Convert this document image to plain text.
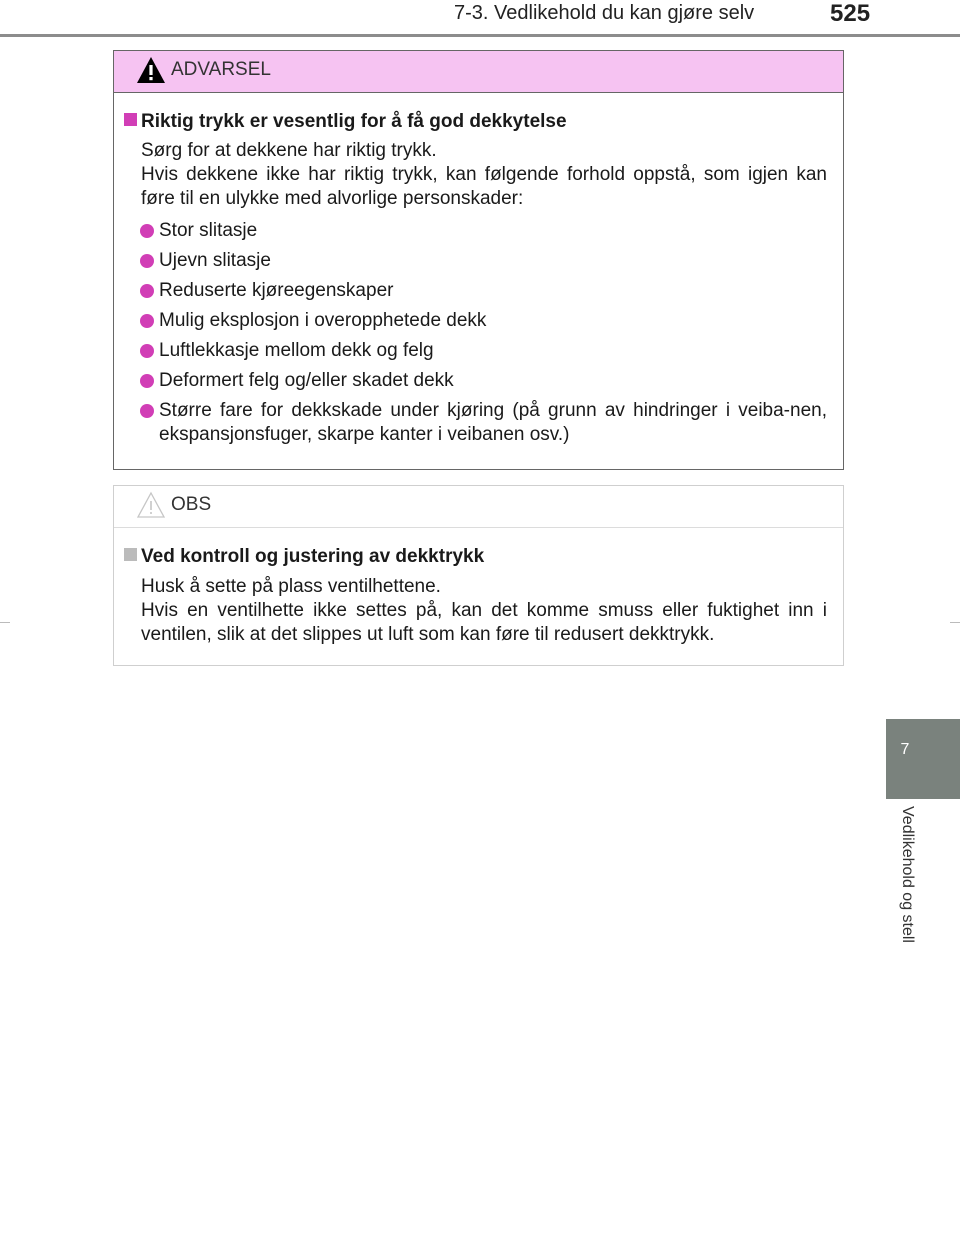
7-3. Vedlikehold du kan gjøre selv	525
7
Vedlikehold og stell
ADVARSEL
Riktig trykk er vesentlig for å få god dekkytelse
Sørg for at dekkene har riktig trykk.
Hvis dekkene ikke har riktig trykk, kan følgende forhold oppstå, som igjen kan føre til en ulykke med alvorlige personskader:
Stor slitasje
Ujevn slitasje
Reduserte kjøreegenskaper
Mulig eksplosjon i overopphetede dekk
Luftlekkasje mellom dekk og felg
Deformert felg og/eller skadet dekk
Større fare for dekkskade under kjøring (på grunn av hindringer i veiba-nen, ekspansjonsfuger, skarpe kanter i veibanen osv.)
OBS
Ved kontroll og justering av dekktrykk
Husk å sette på plass ventilhettene.
Hvis en ventilhette ikke settes på, kan det komme smuss eller fuktighet inn i ventilen, slik at det slippes ut luft som kan føre til redusert dekktrykk.
